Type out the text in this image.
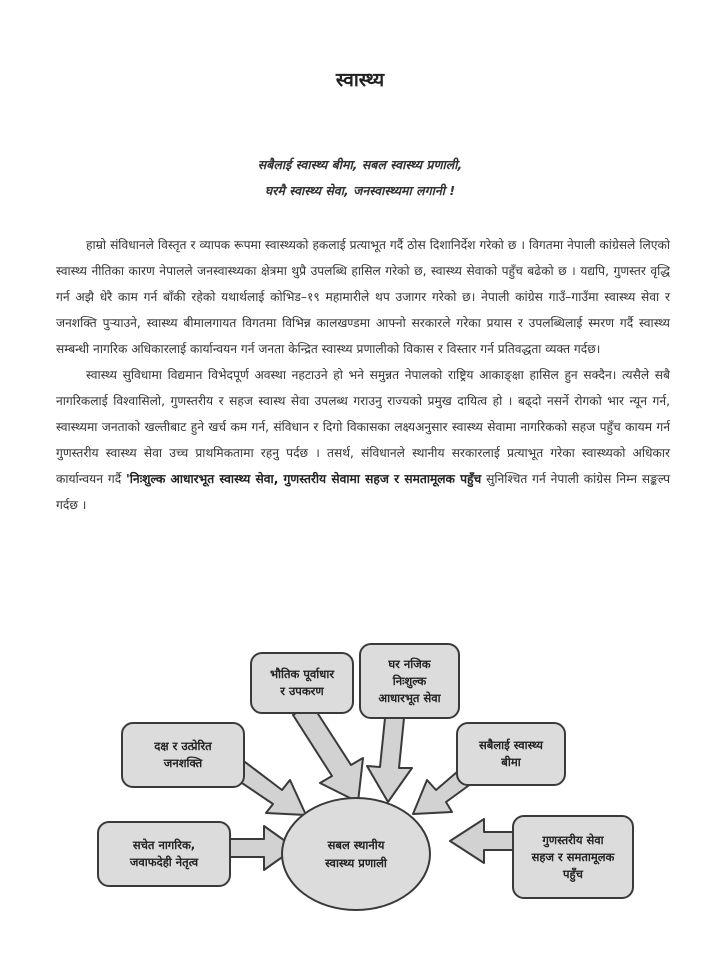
स्वास्थ्य
सबैलाई स्वास्थ्य बीमा, सबल स्वास्थ्य प्रणाली,
घरमै स्वास्थ्य सेवा, जनस्वास्थ्यमा लगानी !

हाम्रो संविधानले विस्तृत र व्यापक रूपमा स्वास्थ्यको हकलाई प्रत्याभूत गर्दै ठोस दिशानिर्देश गरेको छ । विगतमा नेपाली कांग्रेसले लिएको स्वास्थ्य नीतिका कारण नेपालले जनस्वास्थ्यका क्षेत्रमा थुप्रै उपलब्धि हासिल गरेको छ, स्वास्थ्य सेवाको पहुँच बढेको छ । यद्यपि, गुणस्तर वृद्धि गर्न अझै धेरै काम गर्न बाँकी रहेको यथार्थलाई कोभिड–१९ महामारीले थप उजागर गरेको छ। नेपाली कांग्रेस गाउँ–गाउँमा स्वास्थ्य सेवा र जनशक्ति पुऱ्याउने, स्वास्थ्य बीमालगायत विगतमा विभिन्न कालखण्डमा आफ्नो सरकारले गरेका प्रयास र उपलब्धिलाई स्मरण गर्दै स्वास्थ्य सम्बन्धी नागरिक अधिकारलाई कार्यान्वयन गर्न जनता केन्द्रित स्वास्थ्य प्रणालीको विकास र विस्तार गर्न प्रतिवद्धता व्यक्त गर्दछ।

स्वास्थ्य सुविधामा विद्यमान विभेदपूर्ण अवस्था नहटाउने हो भने समुन्नत नेपालको राष्ट्रिय आकाङ्क्षा हासिल हुन सक्दैन। त्यसैले सबै नागरिकलाई विश्वासिलो, गुणस्तरीय र सहज स्वास्थ सेवा उपलब्ध गराउनु राज्यको प्रमुख दायित्व हो । बढ्दो नसर्ने रोगको भार न्यून गर्न, स्वास्थ्यमा जनताको खल्तीबाट हुने खर्च कम गर्न, संविधान र दिगो विकासका लक्ष्यअनुसार स्वास्थ्य सेवामा नागरिकको सहज पहुँच कायम गर्न गुणस्तरीय स्वास्थ्य सेवा उच्च प्राथमिकतामा रहनु पर्दछ । तसर्थ, संविधानले स्थानीय सरकारलाई प्रत्याभूत गरेका स्वास्थ्यको अधिकार कार्यान्वयन गर्दै 'निःशुल्क आधारभूत स्वास्थ्य सेवा, गुणस्तरीय सेवामा सहज र समतामूलक पहुँच सुनिश्चित गर्न नेपाली कांग्रेस निम्न सङ्कल्प गर्दछ ।

भौतिक पूर्वाधार
र उपकरण
घर नजिक
निःशुल्क
आधारभूत सेवा
दक्ष र उत्प्रेरित
जनशक्ति
सबैलाई स्वास्थ्य
बीमा
सबल स्थानीय
स्वास्थ्य प्रणाली
सचेत नागरिक,
जवाफदेही नेतृत्व
गुणस्तरीय सेवा
सहज र समतामूलक
पहुँच
